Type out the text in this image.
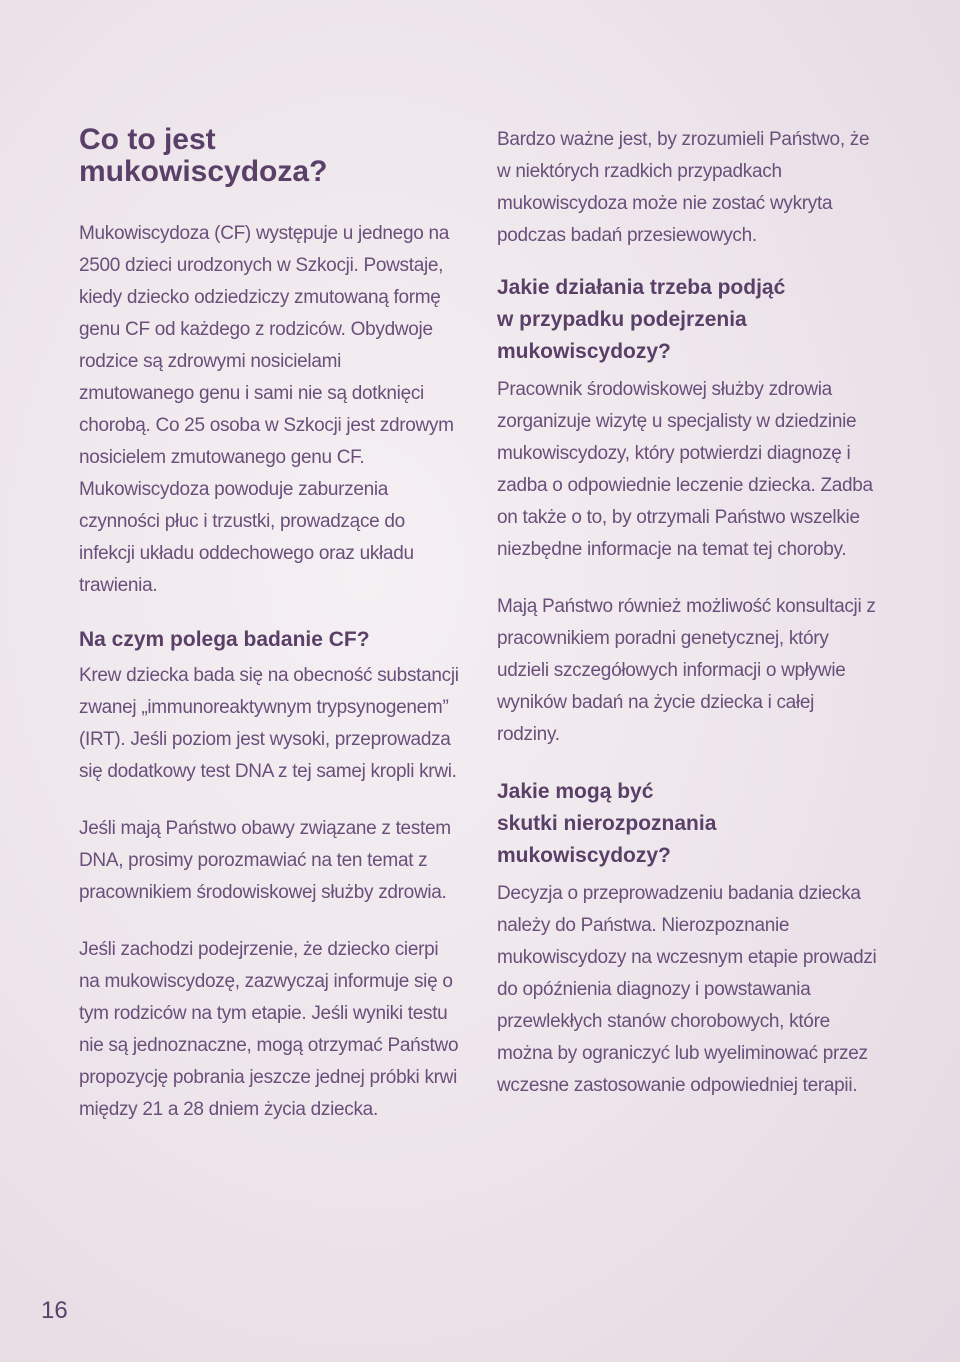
Co to jest
mukowiscydoza?

Mukowiscydoza (CF) występuje u jednego na 2500 dzieci urodzonych w Szkocji. Powstaje, kiedy dziecko odziedziczy zmutowaną formę genu CF od każdego z rodziców. Obydwoje rodzice są zdrowymi nosicielami zmutowanego genu i sami nie są dotknięci chorobą. Co 25 osoba w Szkocji jest zdrowym nosicielem zmutowanego genu CF. Mukowiscydoza powoduje zaburzenia czynności płuc i trzustki, prowadzące do infekcji układu oddechowego oraz układu trawienia.

Na czym polega badanie CF?

Krew dziecka bada się na obecność substancji zwanej „immunoreaktywnym trypsynogenem” (IRT). Jeśli poziom jest wysoki, przeprowadza się dodatkowy test DNA z tej samej kropli krwi.

Jeśli mają Państwo obawy związane z testem DNA, prosimy porozmawiać na ten temat z pracownikiem środowiskowej służby zdrowia.

Jeśli zachodzi podejrzenie, że dziecko cierpi na mukowiscydozę, zazwyczaj informuje się o tym rodziców na tym etapie. Jeśli wyniki testu nie są jednoznaczne, mogą otrzymać Państwo propozycję pobrania jeszcze jednej próbki krwi między 21 a 28 dniem życia dziecka.

Bardzo ważne jest, by zrozumieli Państwo, że w niektórych rzadkich przypadkach mukowiscydoza może nie zostać wykryta podczas badań przesiewowych.

Jakie działania trzeba podjąć
w przypadku podejrzenia
mukowiscydozy?

Pracownik środowiskowej służby zdrowia zorganizuje wizytę u specjalisty w dziedzinie mukowiscydozy, który potwierdzi diagnozę i zadba o odpowiednie leczenie dziecka. Zadba on także o to, by otrzymali Państwo wszelkie niezbędne informacje na temat tej choroby.

Mają Państwo również możliwość konsultacji z pracownikiem poradni genetycznej, który udzieli szczegółowych informacji o wpływie wyników badań na życie dziecka i całej rodziny.

Jakie mogą być
skutki nierozpoznania
mukowiscydozy?

Decyzja o przeprowadzeniu badania dziecka należy do Państwa. Nierozpoznanie mukowiscydozy na wczesnym etapie prowadzi do opóźnienia diagnozy i powstawania przewlekłych stanów chorobowych, które można by ograniczyć lub wyeliminować przez wczesne zastosowanie odpowiedniej terapii.

16
